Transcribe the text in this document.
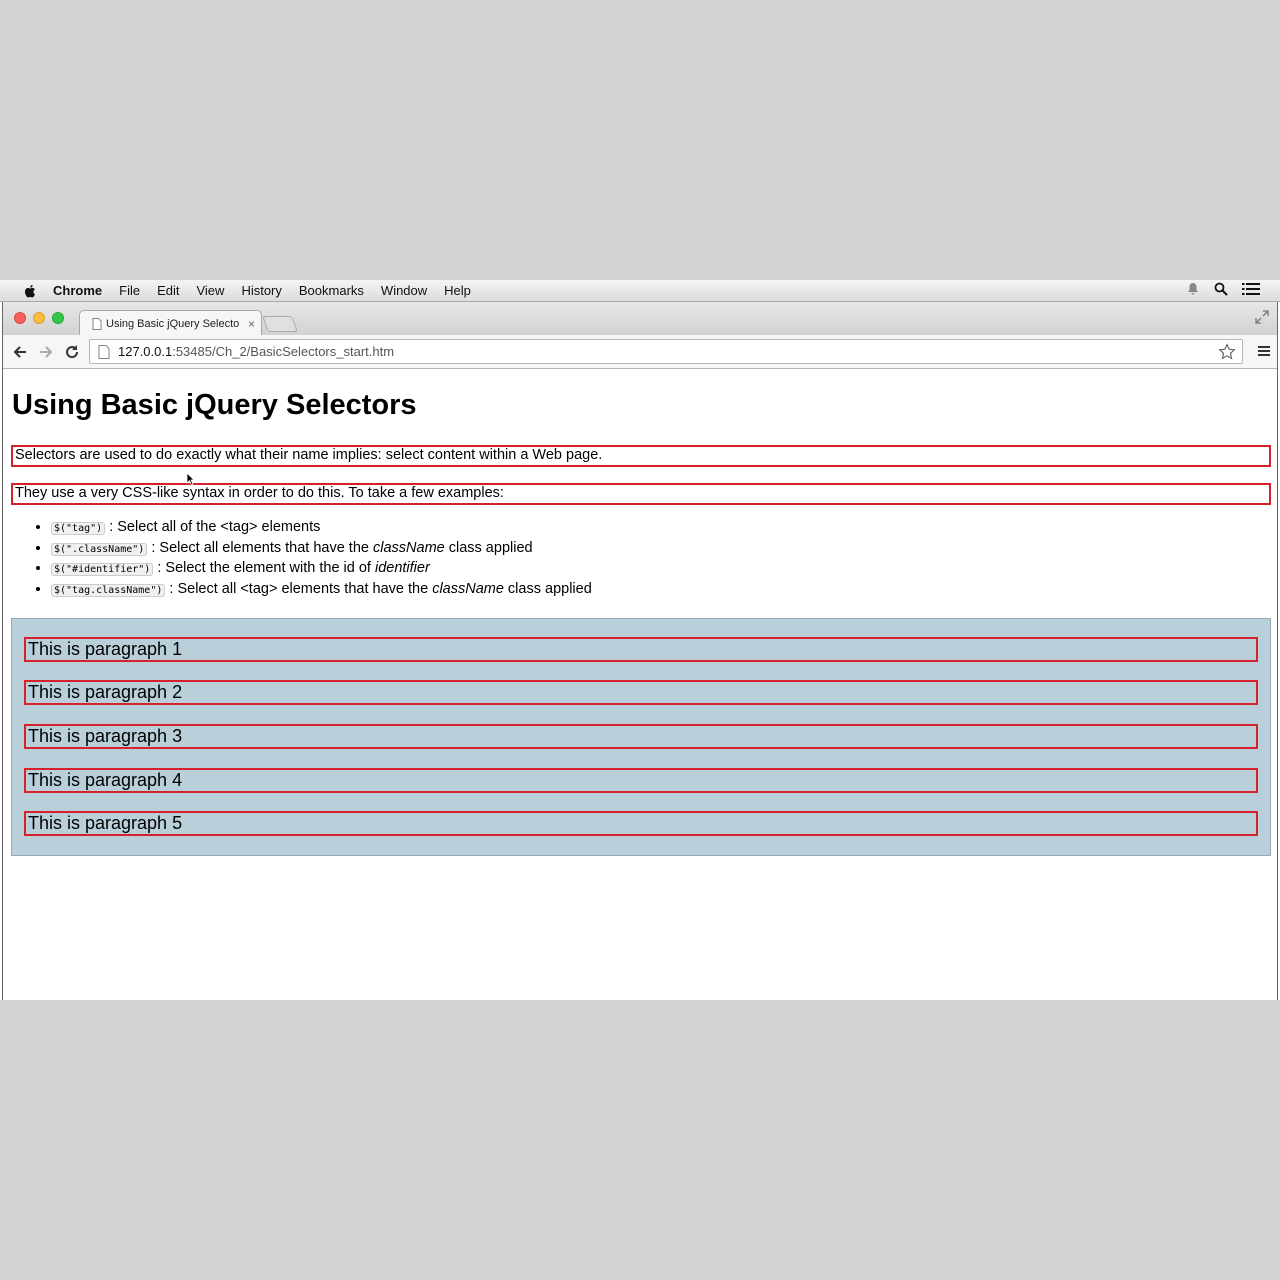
Chrome File Edit View History Bookmarks Window Help
Using Basic jQuery Selecto ×
127.0.0.1 :53485/Ch_2/BasicSelectors_start.htm
Using Basic jQuery Selectors

Selectors are used to do exactly what their name implies: select content within a Web page.

They use a very CSS-like syntax in order to do this. To take a few examples:

• $("tag") : Select all of the <tag> elements
• $(".className") : Select all elements that have the className class applied
• $("#identifier") : Select the element with the id of identifier
• $("tag.className") : Select all <tag> elements that have the className class applied

This is paragraph 1

This is paragraph 2

This is paragraph 3

This is paragraph 4

This is paragraph 5
